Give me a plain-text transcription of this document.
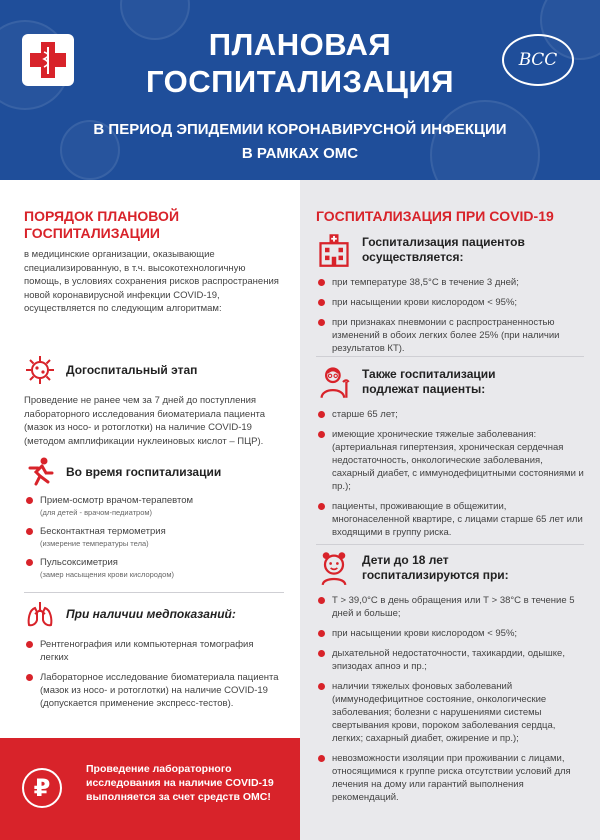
ПЛАНОВАЯ
ГОСПИТАЛИЗАЦИЯ
ВСС
В ПЕРИОД ЭПИДЕМИИ КОРОНАВИРУСНОЙ ИНФЕКЦИИ
В РАМКАХ ОМС
ПОРЯДОК ПЛАНОВОЙ ГОСПИТАЛИЗАЦИИ
в медицинские организации, оказывающие специализированную, в т.ч. высокотехнологичную помощь, в условиях сохранения рисков распространения новой коронавирусной инфекции COVID-19, осуществляется по следующим алгоритмам:
Догоспитальный этап
Проведение не ранее чем за 7 дней до поступления лабораторного исследования биоматериала пациента (мазок из носо- и ротоглотки) на наличие COVID-19 (методом амплификации нуклеиновых кислот – ПЦР).
Во время госпитализации
Прием-осмотр врачом-терапевтом
(для детей - врачом-педиатром)
Бесконтактная термометрия
(измерение температуры тела)
Пульсоксиметрия
(замер насыщения крови кислородом)
При наличии медпоказаний:
Рентгенография или компьютерная томография легких
Лабораторное исследование биоматериала пациента (мазок из носо- и ротоглотки) на наличие COVID-19 (допускается применение экспресс-тестов).
₽
Проведение лабораторного исследования на наличие COVID-19 выполняется за счет средств ОМС!
ГОСПИТАЛИЗАЦИЯ ПРИ COVID-19
Госпитализация пациентов осуществляется:
при температуре 38,5°С в течение 3 дней;
при насыщении крови кислородом < 95%;
при признаках пневмонии с распространенностью изменений в обоих легких более 25% (при наличии результатов КТ).
Также госпитализации подлежат пациенты:
старше 65 лет;
имеющие хронические тяжелые заболевания: (артериальная гипертензия, хроническая сердечная недостаточность, онкологические заболевания, сахарный диабет, с иммунодефицитными состояниями и пр.);
пациенты, проживающие в общежитии, многонаселенной квартире, с лицами старше 65 лет или входящими в группу риска.
Дети до 18 лет госпитализируются при:
Т > 39,0°С в день обращения или Т > 38°С в течение 5 дней и больше;
при насыщении крови кислородом < 95%;
дыхательной недостаточности, тахикардии, одышке, эпизодах апноэ и пр.;
наличии тяжелых фоновых заболеваний (иммунодефицитное состояние, онкологические заболевания; болезни с нарушениями системы свертывания крови, пороком заболевания сердца, легких; сахарный диабет, ожирение и пр.);
невозможности изоляции при проживании с лицами, относящимися к группе риска отсутствии условий для лечения на дому или гарантий выполнения рекомендаций.
